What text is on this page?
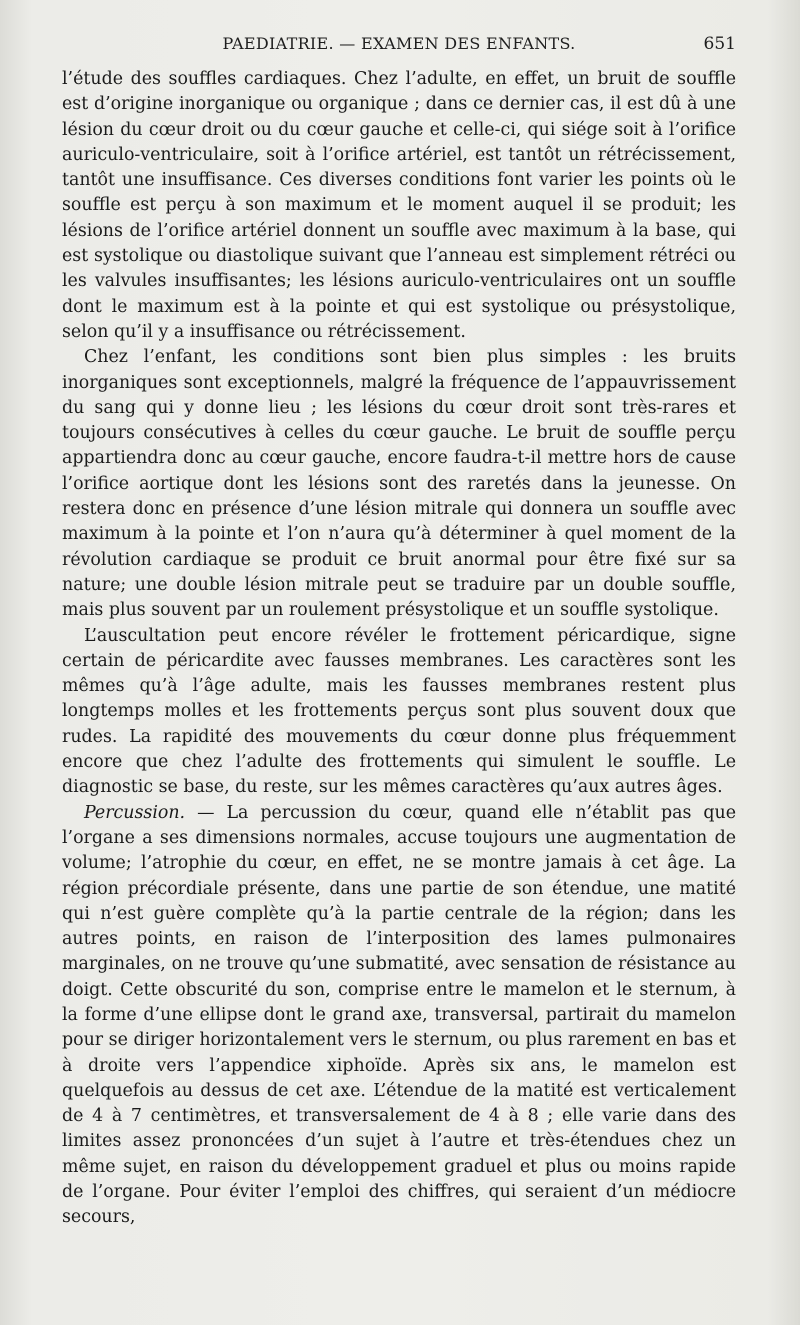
PAEDIATRIE. — EXAMEN DES ENFANTS.	651

l’étude des souffles cardiaques. Chez l’adulte, en effet, un bruit de souffle est d’origine inorganique ou organique ; dans ce dernier cas, il est dû à une lésion du cœur droit ou du cœur gauche et celle-ci, qui siége soit à l’orifice auriculo-ventriculaire, soit à l’orifice artériel, est tantôt un rétrécissement, tantôt une insuffisance. Ces diverses conditions font varier les points où le souffle est perçu à son maximum et le moment auquel il se produit; les lésions de l’orifice artériel donnent un souffle avec maximum à la base, qui est systolique ou diastolique suivant que l’anneau est simplement rétréci ou les valvules insuffisantes; les lésions auriculo-ventriculaires ont un souffle dont le maximum est à la pointe et qui est systolique ou présystolique, selon qu’il y a insuffisance ou rétrécissement.

Chez l’enfant, les conditions sont bien plus simples : les bruits inorganiques sont exceptionnels, malgré la fréquence de l’appauvrissement du sang qui y donne lieu ; les lésions du cœur droit sont très-rares et toujours consécutives à celles du cœur gauche. Le bruit de souffle perçu appartiendra donc au cœur gauche, encore faudra-t-il mettre hors de cause l’orifice aortique dont les lésions sont des raretés dans la jeunesse. On restera donc en présence d’une lésion mitrale qui donnera un souffle avec maximum à la pointe et l’on n’aura qu’à déterminer à quel moment de la révolution cardiaque se produit ce bruit anormal pour être fixé sur sa nature; une double lésion mitrale peut se traduire par un double souffle, mais plus souvent par un roulement présystolique et un souffle systolique.

L’auscultation peut encore révéler le frottement péricardique, signe certain de péricardite avec fausses membranes. Les caractères sont les mêmes qu’à l’âge adulte, mais les fausses membranes restent plus longtemps molles et les frottements perçus sont plus souvent doux que rudes. La rapidité des mouvements du cœur donne plus fréquemment encore que chez l’adulte des frottements qui simulent le souffle. Le diagnostic se base, du reste, sur les mêmes caractères qu’aux autres âges.

Percussion. — La percussion du cœur, quand elle n’établit pas que l’organe a ses dimensions normales, accuse toujours une augmentation de volume; l’atrophie du cœur, en effet, ne se montre jamais à cet âge. La région précordiale présente, dans une partie de son étendue, une matité qui n’est guère complète qu’à la partie centrale de la région; dans les autres points, en raison de l’interposition des lames pulmonaires marginales, on ne trouve qu’une submatité, avec sensation de résistance au doigt. Cette obscurité du son, comprise entre le mamelon et le sternum, à la forme d’une ellipse dont le grand axe, transversal, partirait du mamelon pour se diriger horizontalement vers le sternum, ou plus rarement en bas et à droite vers l’appendice xiphoïde. Après six ans, le mamelon est quelquefois au dessus de cet axe. L’étendue de la matité est verticalement de 4 à 7 centimètres, et transversalement de 4 à 8 ; elle varie dans des limites assez prononcées d’un sujet à l’autre et très-étendues chez un même sujet, en raison du développement graduel et plus ou moins rapide de l’organe. Pour éviter l’emploi des chiffres, qui seraient d’un médiocre secours,
